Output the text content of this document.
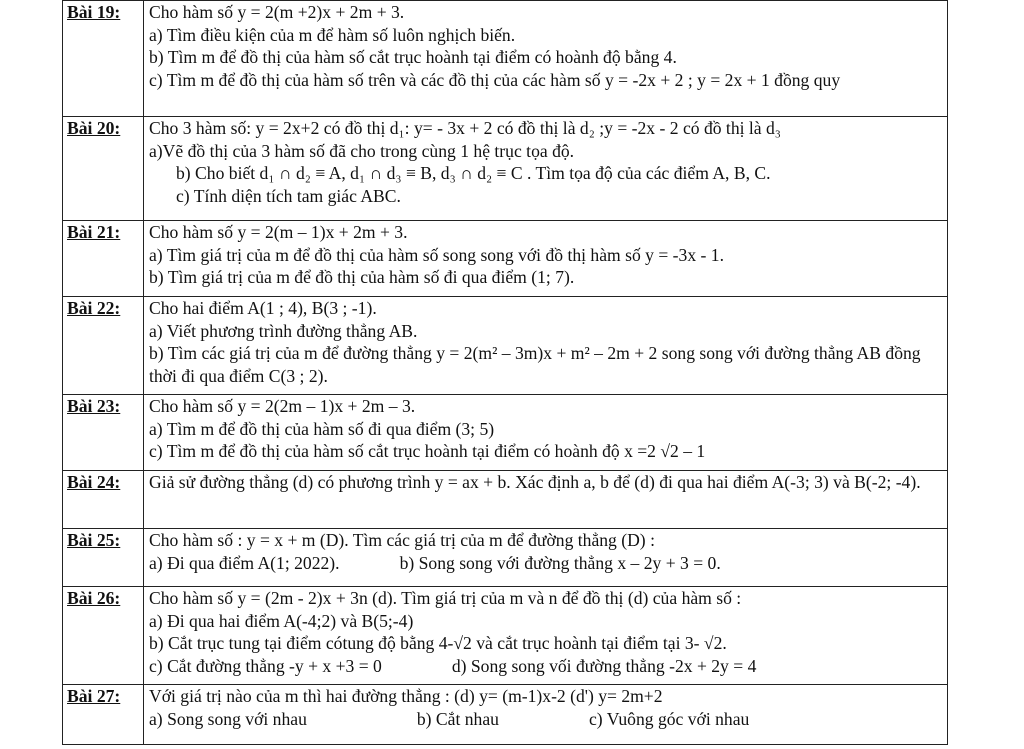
Bài 19:	Cho hàm số y = 2(m +2)x + 2m + 3.
a) Tìm điều kiện của m để hàm số luôn nghịch biến.
b) Tìm m để đồ thị của hàm số cắt trục hoành tại điểm có hoành độ bằng 4.
c) Tìm m để đồ thị của hàm số trên và các đồ thị của các hàm số y = -2x + 2 ; y = 2x + 1 đồng quy

Bài 20:	Cho 3 hàm số: y = 2x+2 có đồ thị d₁: y= - 3x + 2 có đồ thị là d₂ ;y = -2x - 2 có đồ thị là d₃
a)Vẽ đồ thị của 3 hàm số đã cho trong cùng 1 hệ trục tọa độ.
b) Cho biết d₁ ∩ d₂ ≡ A, d₁ ∩ d₃ ≡ B, d₃ ∩ d₂ ≡ C . Tìm tọa độ của các điểm A, B, C.
c) Tính diện tích tam giác ABC.

Bài 21:	Cho hàm số y = 2(m – 1)x + 2m + 3.
a) Tìm giá trị của m để đồ thị của hàm số song song với đồ thị hàm số y = -3x - 1.
b) Tìm giá trị của m để đồ thị của hàm số đi qua điểm (1; 7).

Bài 22:	Cho hai điểm A(1 ; 4), B(3 ; -1).
a) Viết phương trình đường thẳng AB.
b) Tìm các giá trị của m để đường thẳng y = 2(m² – 3m)x + m² – 2m + 2 song song với đường thẳng AB đồng thời đi qua điểm C(3 ; 2).

Bài 23:	Cho hàm số y = 2(2m – 1)x + 2m – 3.
a) Tìm m để đồ thị của hàm số đi qua điểm (3; 5)
c) Tìm m để đồ thị của hàm số cắt trục hoành tại điểm có hoành độ x =2 √2 – 1

Bài 24:	Giả sử đường thẳng (d) có phương trình y = ax + b. Xác định a, b để (d) đi qua hai điểm A(-3; 3) và B(-2; -4).

Bài 25:	Cho hàm số : y = x + m (D). Tìm các giá trị của m để đường thẳng (D) :
a) Đi qua điểm A(1; 2022). b) Song song với đường thẳng x – 2y + 3 = 0.

Bài 26:	Cho hàm số y = (2m - 2)x + 3n (d). Tìm giá trị của m và n để đồ thị (d) của hàm số :
a) Đi qua hai điểm A(-4;2) và B(5;-4)
b) Cắt trục tung tại điểm cótung độ bằng 4-√2 và cắt trục hoành tại điểm tại 3- √2.
c) Cắt đường thẳng -y + x +3 = 0 d) Song song vối đường thẳng -2x + 2y = 4

Bài 27:	Với giá trị nào của m thì hai đường thẳng : (d) y= (m-1)x-2 (d') y= 2m+2
a) Song song với nhau b) Cắt nhau c) Vuông góc với nhau
